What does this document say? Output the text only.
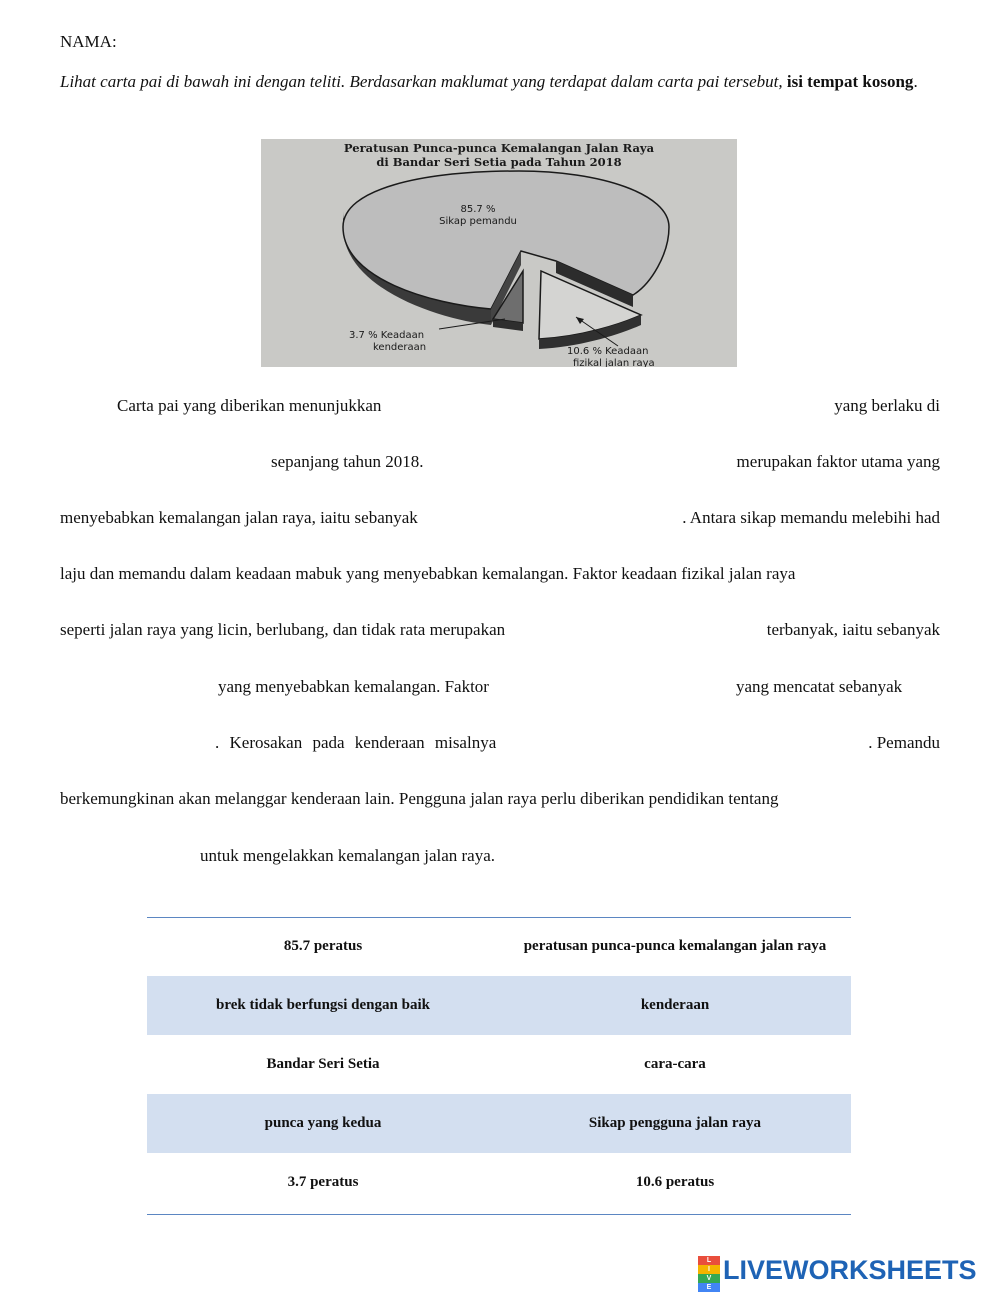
NAMA:
Lihat carta pai di bawah ini dengan teliti. Berdasarkan maklumat yang terdapat dalam carta pai tersebut, isi tempat kosong.
Peratusan Punca-punca Kemalangan Jalan Raya
di Bandar Seri Setia pada Tahun 2018
85.7 %
Sikap pemandu
3.7 % Keadaan
kenderaan	10.6 % Keadaan
fizikal jalan raya
Carta pai yang diberikan menunjukkan	yang berlaku di
sepanjang tahun 2018.	merupakan faktor utama yang
menyebabkan kemalangan jalan raya, iaitu sebanyak	. Antara sikap memandu melebihi had
laju dan memandu dalam keadaan mabuk yang menyebabkan kemalangan. Faktor keadaan fizikal jalan raya
seperti jalan raya yang licin, berlubang, dan tidak rata merupakan	terbanyak, iaitu sebanyak
yang menyebabkan kemalangan. Faktor	yang mencatat sebanyak
. Kerosakan pada kenderaan misalnya	. Pemandu
berkemungkinan akan melanggar kenderaan lain. Pengguna jalan raya perlu diberikan pendidikan tentang
untuk mengelakkan kemalangan jalan raya.
85.7 peratus	peratusan punca-punca kemalangan jalan raya
brek tidak berfungsi dengan baik	kenderaan
Bandar Seri Setia	cara-cara
punca yang kedua	Sikap pengguna jalan raya
3.7 peratus	10.6 peratus
L
I
V
E
LIVEWORKSHEETS
